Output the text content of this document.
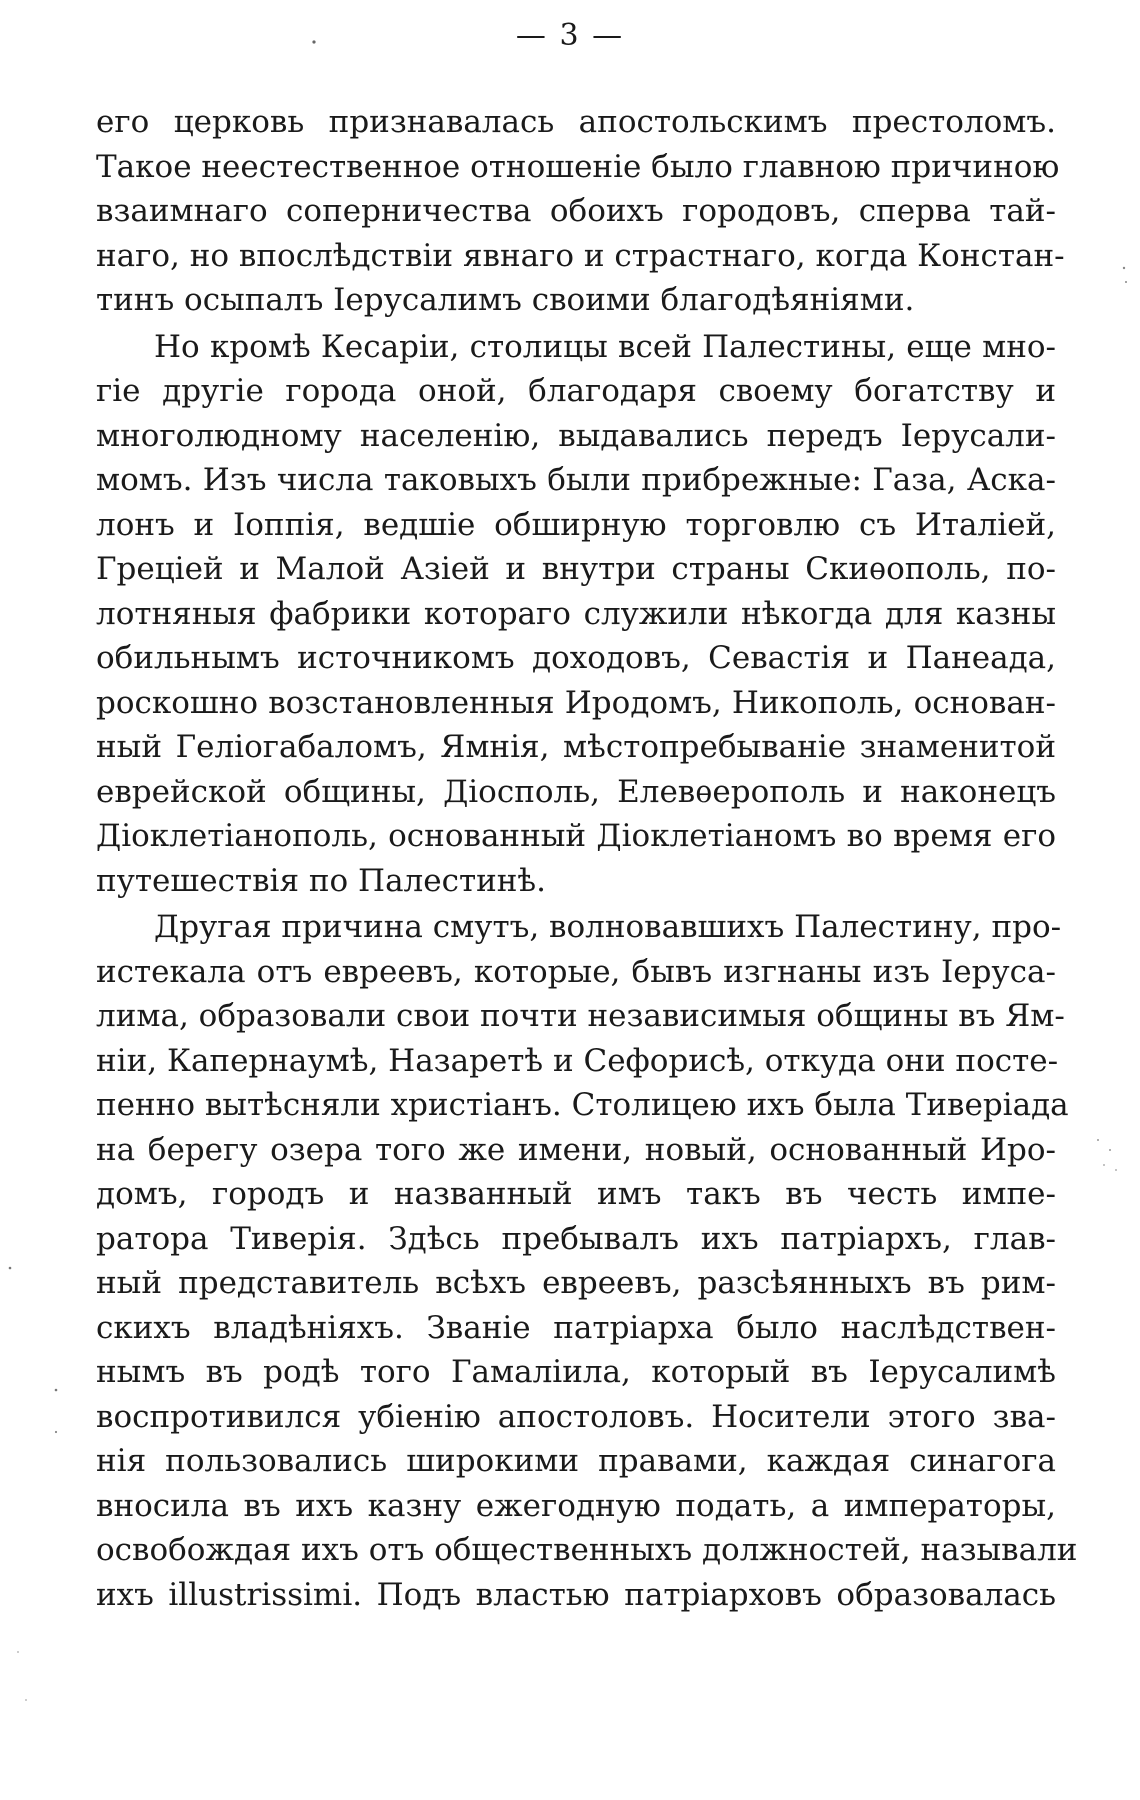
— 3 —
его церковь признавалась апостольскимъ престоломъ.
Такое неестественное отношеніе было главною причиною
взаимнаго соперничества обоихъ городовъ, сперва тай-
наго, но впослѣдствіи явнаго и страстнаго, когда Констан-
тинъ осыпалъ Іерусалимъ своими благодѣяніями.
Но кромѣ Кесаріи, столицы всей Палестины, еще мно-
гіе другіе города оной, благодаря своему богатству и
многолюдному населенію, выдавались передъ Іерусали-
момъ. Изъ числа таковыхъ были прибрежные: Газа, Аска-
лонъ и Іоппія, ведшіе обширную торговлю съ Италіей,
Греціей и Малой Азіей и внутри страны Скиѳополь, по-
лотняныя фабрики котораго служили нѣкогда для казны
обильнымъ источникомъ доходовъ, Севастія и Панеада,
роскошно возстановленныя Иродомъ, Никополь, основан-
ный Геліогабаломъ, Ямнія, мѣстопребываніе знаменитой
еврейской общины, Діосполь, Елевѳерополь и наконецъ
Діоклетіанополь, основанный Діоклетіаномъ во время его
путешествія по Палестинѣ.
Другая причина смутъ, волновавшихъ Палестину, про-
истекала отъ евреевъ, которые, бывъ изгнаны изъ Іеруса-
лима, образовали свои почти независимыя общины въ Ям-
ніи, Капернаумѣ, Назаретѣ и Сефорисѣ, откуда они посте-
пенно вытѣсняли христіанъ. Столицею ихъ была Тиверіада
на берегу озера того же имени, новый, основанный Иро-
домъ, городъ и названный имъ такъ въ честь импе-
ратора Тиверія. Здѣсь пребывалъ ихъ патріархъ, глав-
ный представитель всѣхъ евреевъ, разсѣянныхъ въ рим-
скихъ владѣніяхъ. Званіе патріарха было наслѣдствен-
нымъ въ родѣ того Гамаліила, который въ Іерусалимѣ
воспротивился убіенію апостоловъ. Носители этого зва-
нія пользовались широкими правами, каждая синагога
вносила въ ихъ казну ежегодную подать, а императоры,
освобождая ихъ отъ общественныхъ должностей, называли
ихъ illustrissimi. Подъ властью патріарховъ образовалась
